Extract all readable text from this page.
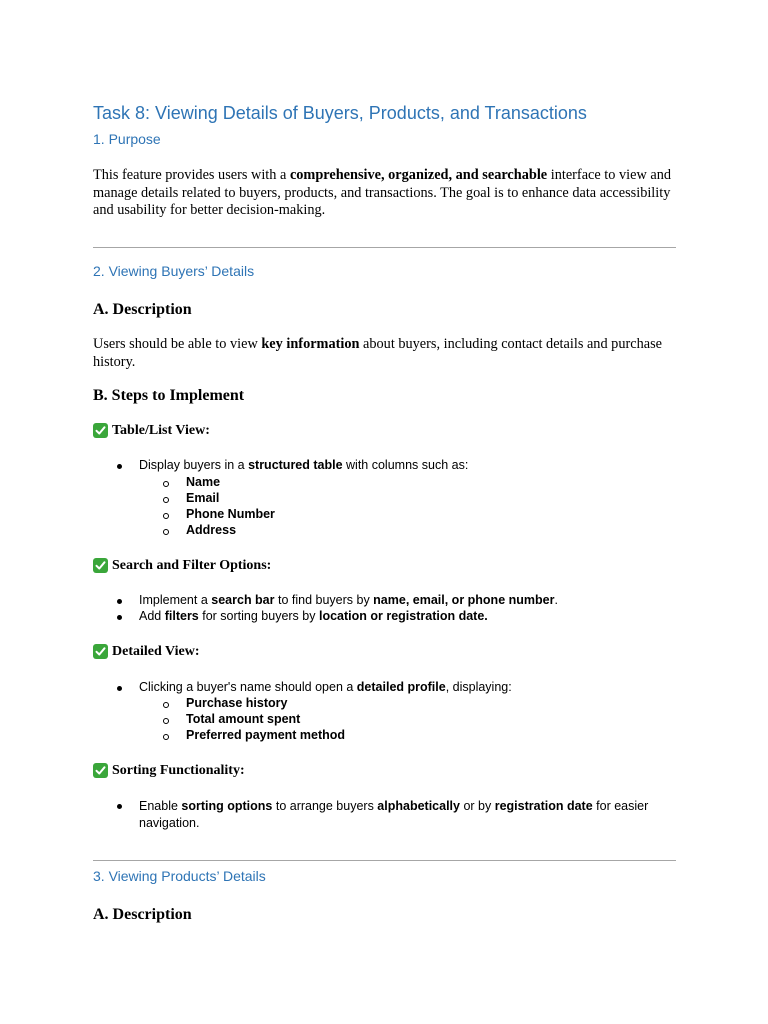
Task 8: Viewing Details of Buyers, Products, and Transactions
1. Purpose
This feature provides users with a comprehensive, organized, and searchable interface to view and manage details related to buyers, products, and transactions. The goal is to enhance data accessibility and usability for better decision-making.
2. Viewing Buyers’ Details
A. Description
Users should be able to view key information about buyers, including contact details and purchase history.
B. Steps to Implement
Table/List View:
Display buyers in a structured table with columns such as:
Name
Email
Phone Number
Address
Search and Filter Options:
Implement a search bar to find buyers by name, email, or phone number.
Add filters for sorting buyers by location or registration date.
Detailed View:
Clicking a buyer's name should open a detailed profile, displaying:
Purchase history
Total amount spent
Preferred payment method
Sorting Functionality:
Enable sorting options to arrange buyers alphabetically or by registration date for easier navigation.
3. Viewing Products’ Details
A. Description
